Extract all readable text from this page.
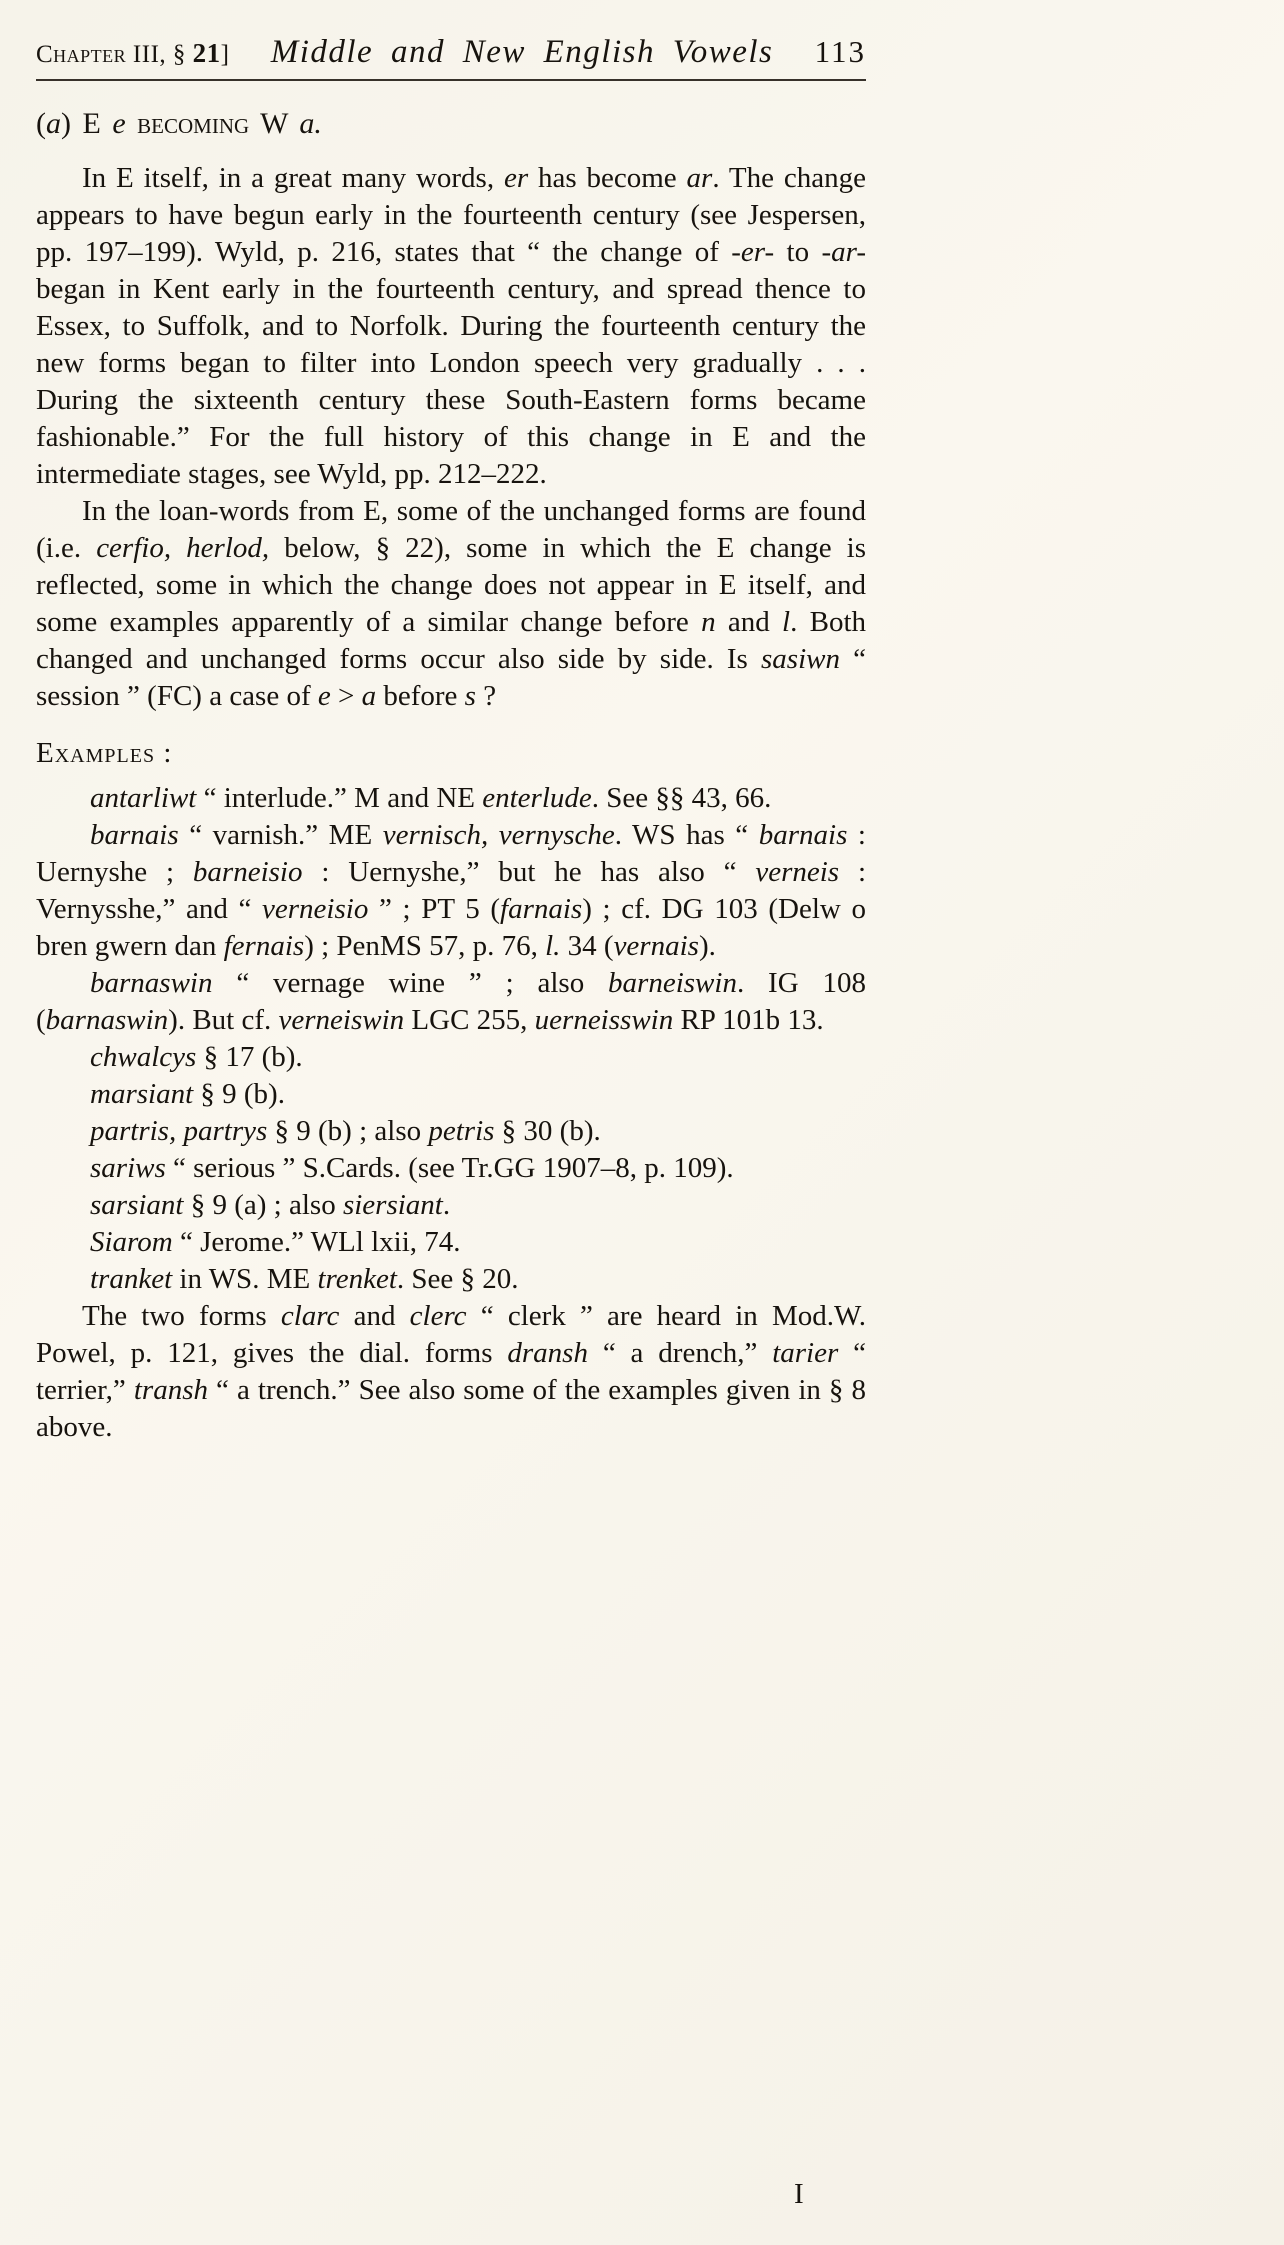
Chapter III, § 21] Middle and New English Vowels 113

(a) E e becoming W a.

In E itself, in a great many words, er has become ar. The change appears to have begun early in the fourteenth century (see Jespersen, pp. 197–199). Wyld, p. 216, states that “ the change of -er- to -ar- began in Kent early in the fourteenth century, and spread thence to Essex, to Suffolk, and to Norfolk. During the fourteenth century the new forms began to filter into London speech very gradually . . . During the sixteenth century these South-Eastern forms became fashionable.” For the full history of this change in E and the intermediate stages, see Wyld, pp. 212–222.

In the loan-words from E, some of the unchanged forms are found (i.e. cerfio, herlod, below, § 22), some in which the E change is reflected, some in which the change does not appear in E itself, and some examples apparently of a similar change before n and l. Both changed and unchanged forms occur also side by side. Is sasiwn “ session ” (FC) a case of e > a before s ?

Examples :

antarliwt “ interlude.” M and NE enterlude. See §§ 43, 66.

barnais “ varnish.” ME vernisch, vernysche. WS has “ barnais : Uernyshe ; barneisio : Uernyshe,” but he has also “ verneis : Vernysshe,” and “ verneisio ” ; PT 5 (farnais) ; cf. DG 103 (Delw o bren gwern dan fernais) ; PenMS 57, p. 76, l. 34 (vernais).

barnaswin “ vernage wine ” ; also barneiswin. IG 108 (barnaswin). But cf. verneiswin LGC 255, uerneisswin RP 101b 13.

chwalcys § 17 (b).

marsiant § 9 (b).

partris, partrys § 9 (b) ; also petris § 30 (b).

sariws “ serious ” S.Cards. (see Tr.GG 1907–8, p. 109).

sarsiant § 9 (a) ; also siersiant.

Siarom “ Jerome.” WLl lxii, 74.

tranket in WS. ME trenket. See § 20.

The two forms clarc and clerc “ clerk ” are heard in Mod.W. Powel, p. 121, gives the dial. forms dransh “ a drench,” tarier “ terrier,” transh “ a trench.” See also some of the examples given in § 8 above.

I
